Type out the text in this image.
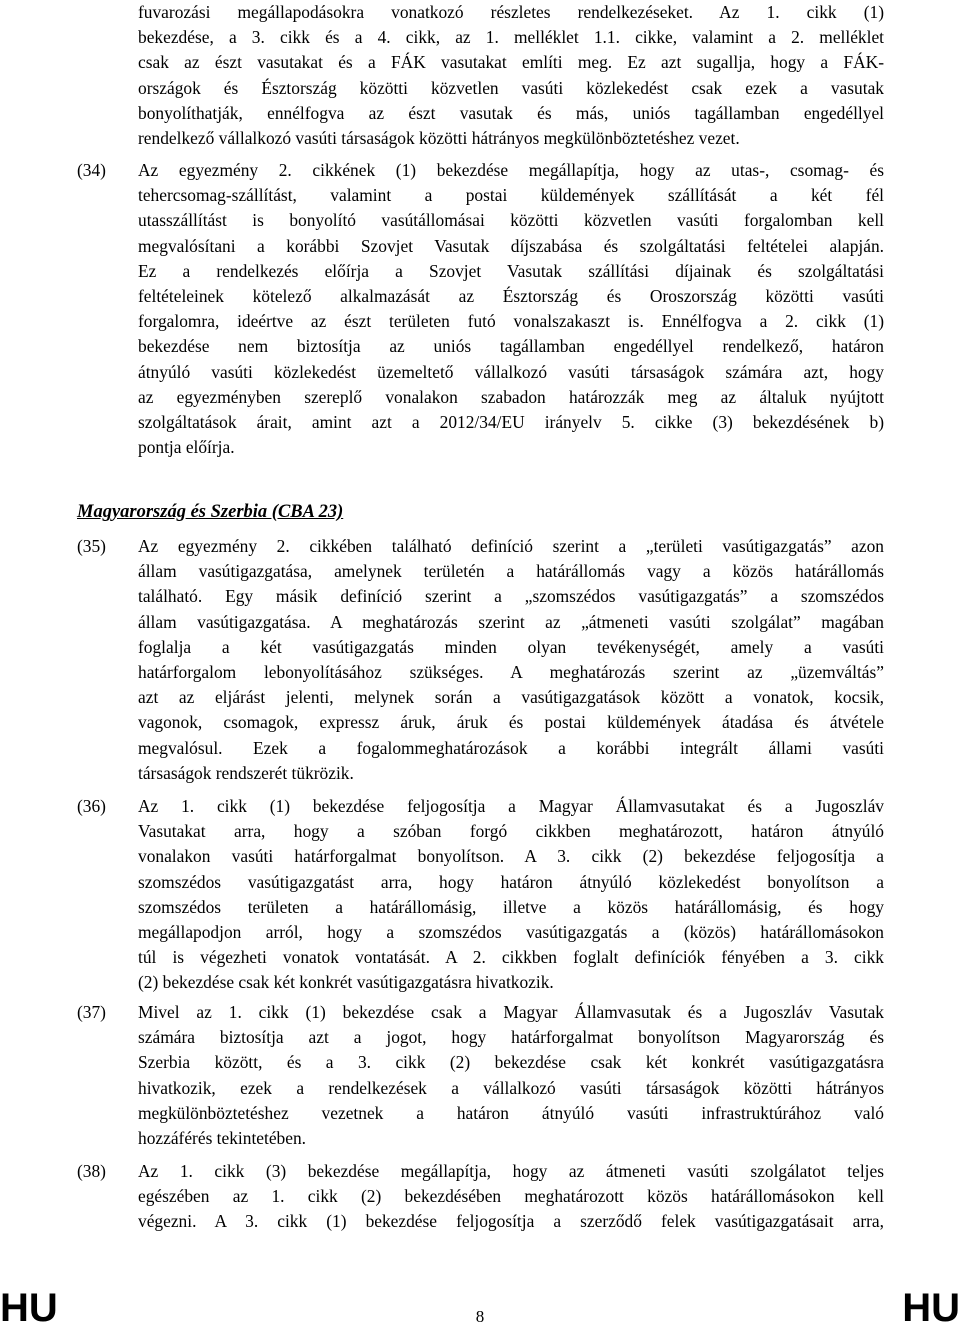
fuvarozási megállapodásokra vonatkozó részletes rendelkezéseket. Az 1. cikk (1)
bekezdése, a 3. cikk és a 4. cikk, az 1. melléklet 1.1. cikke, valamint a 2. melléklet
csak az észt vasutakat és a FÁK vasutakat említi meg. Ez azt sugallja, hogy a FÁK-
országok és Észtország közötti közvetlen vasúti közlekedést csak ezek a vasutak
bonyolíthatják, ennélfogva az észt vasutak és más, uniós tagállamban engedéllyel
rendelkező vállalkozó vasúti társaságok közötti hátrányos megkülönböztetéshez vezet.
(34) Az egyezmény 2. cikkének (1) bekezdése megállapítja, hogy az utas-, csomag- és
tehercsomag-szállítást, valamint a postai küldemények szállítását a két fél
utasszállítást is bonyolító vasútállomásai közötti közvetlen vasúti forgalomban kell
megvalósítani a korábbi Szovjet Vasutak díjszabása és szolgáltatási feltételei alapján.
Ez a rendelkezés előírja a Szovjet Vasutak szállítási díjainak és szolgáltatási
feltételeinek kötelező alkalmazását az Észtország és Oroszország közötti vasúti
forgalomra, ideértve az észt területen futó vonalszakaszt is. Ennélfogva a 2. cikk (1)
bekezdése nem biztosítja az uniós tagállamban engedéllyel rendelkező, határon
átnyúló vasúti közlekedést üzemeltető vállalkozó vasúti társaságok számára azt, hogy
az egyezményben szereplő vonalakon szabadon határozzák meg az általuk nyújtott
szolgáltatások árait, amint azt a 2012/34/EU irányelv 5. cikke (3) bekezdésének b)
pontja előírja.
Magyarország és Szerbia (CBA 23)
(35) Az egyezmény 2. cikkében található definíció szerint a „területi vasútigazgatás” azon
állam vasútigazgatása, amelynek területén a határállomás vagy a közös határállomás
található. Egy másik definíció szerint a „szomszédos vasútigazgatás” a szomszédos
állam vasútigazgatása. A meghatározás szerint az „átmeneti vasúti szolgálat” magában
foglalja a két vasútigazgatás minden olyan tevékenységét, amely a vasúti
határforgalom lebonyolításához szükséges. A meghatározás szerint az „üzemváltás”
azt az eljárást jelenti, melynek során a vasútigazgatások között a vonatok, kocsik,
vagonok, csomagok, expressz áruk, áruk és postai küldemények átadása és átvétele
megvalósul. Ezek a fogalommeghatározások a korábbi integrált állami vasúti
társaságok rendszerét tükrözik.
(36) Az 1. cikk (1) bekezdése feljogosítja a Magyar Államvasutakat és a Jugoszláv
Vasutakat arra, hogy a szóban forgó cikkben meghatározott, határon átnyúló
vonalakon vasúti határforgalmat bonyolítson. A 3. cikk (2) bekezdése feljogosítja a
szomszédos vasútigazgatást arra, hogy határon átnyúló közlekedést bonyolítson a
szomszédos területen a határállomásig, illetve a közös határállomásig, és hogy
megállapodjon arról, hogy a szomszédos vasútigazgatás a (közös) határállomásokon
túl is végezheti vonatok vontatását. A 2. cikkben foglalt definíciók fényében a 3. cikk
(2) bekezdése csak két konkrét vasútigazgatásra hivatkozik.
(37) Mivel az 1. cikk (1) bekezdése csak a Magyar Államvasutak és a Jugoszláv Vasutak
számára biztosítja azt a jogot, hogy határforgalmat bonyolítson Magyarország és
Szerbia között, és a 3. cikk (2) bekezdése csak két konkrét vasútigazgatásra
hivatkozik, ezek a rendelkezések a vállalkozó vasúti társaságok közötti hátrányos
megkülönböztetéshez vezetnek a határon átnyúló vasúti infrastruktúrához való
hozzáférés tekintetében.
(38) Az 1. cikk (3) bekezdése megállapítja, hogy az átmeneti vasúti szolgálatot teljes
egészében az 1. cikk (2) bekezdésében meghatározott közös határállomásokon kell
végezni. A 3. cikk (1) bekezdése feljogosítja a szerződő felek vasútigazgatásait arra,
HU	8	HU
